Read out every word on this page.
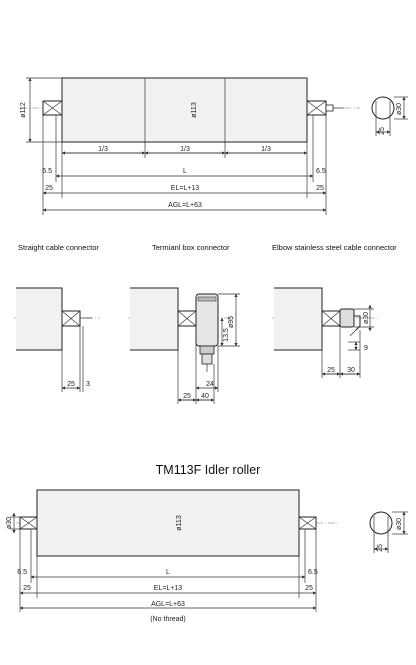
ø112	ø113	ø30
25
1/3	1/3	1/3
L
6.5	6.5
EL=L+13
25	25
AGL=L+63
Straight cable connector	Termianl box connector	Elbow stainless steel cable connector
25 3
ø95
13.5
24
25 40
ø30
9
25 30
TM113F Idler roller
ø30	ø113	ø30
25
L
6.5	6.5
EL=L+13
25	25
AGL=L+63
(No thread)
